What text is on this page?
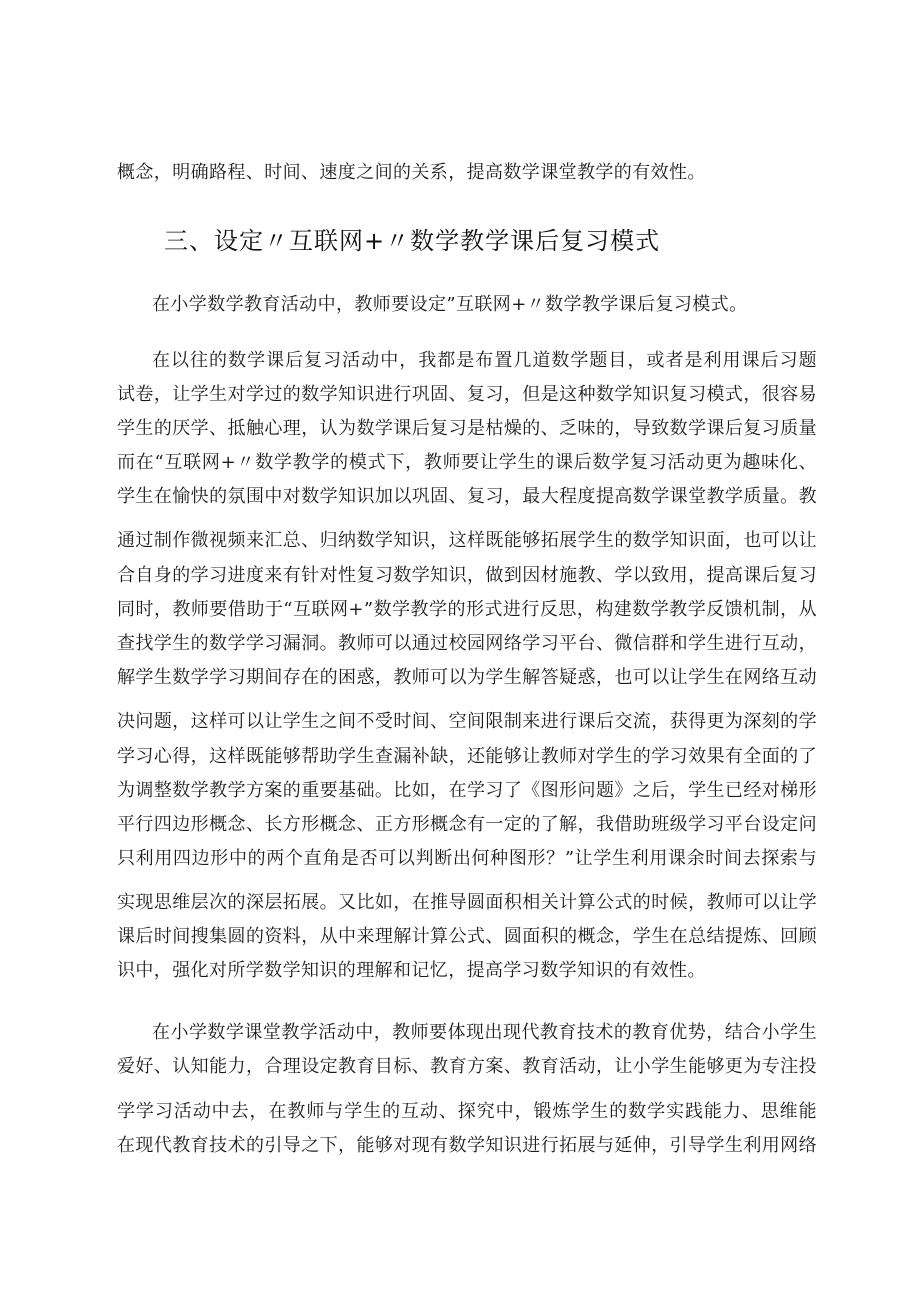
概念，明确路程、时间、速度之间的关系，提高数学课堂教学的有效性。
三、设定〃互联网+〃数学教学课后复习模式
在小学数学教育活动中，教师要设定”互联网+〃数学教学课后复习模式。
在以往的数学课后复习活动中，我都是布置几道数学题目，或者是利用课后习题
试卷，让学生对学过的数学知识进行巩固、复习，但是这种数学知识复习模式，很容易
学生的厌学、抵触心理，认为数学课后复习是枯燥的、乏味的，导致数学课后复习质量
而在“互联网+〃数学教学的模式下，教师要让学生的课后数学复习活动更为趣味化、
学生在愉快的氛围中对数学知识加以巩固、复习，最大程度提高数学课堂教学质量。教
通过制作微视频来汇总、归纳数学知识，这样既能够拓展学生的数学知识面，也可以让
合自身的学习进度来有针对性复习数学知识，做到因材施教、学以致用，提高课后复习
同时，教师要借助于“互联网+”数学教学的形式进行反思，构建数学教学反馈机制，从
查找学生的数学学习漏洞。教师可以通过校园网络学习平台、微信群和学生进行互动，
解学生数学学习期间存在的困惑，教师可以为学生解答疑惑，也可以让学生在网络互动
决问题，这样可以让学生之间不受时间、空间限制来进行课后交流，获得更为深刻的学
学习心得，这样既能够帮助学生查漏补缺，还能够让教师对学生的学习效果有全面的了
为调整数学教学方案的重要基础。比如，在学习了《图形问题》之后，学生已经对梯形
平行四边形概念、长方形概念、正方形概念有一定的了解，我借助班级学习平台设定问
只利用四边形中的两个直角是否可以判断出何种图形？”让学生利用课余时间去探索与
实现思维层次的深层拓展。又比如，在推导圆面积相关计算公式的时候，教师可以让学
课后时间搜集圆的资料，从中来理解计算公式、圆面积的概念，学生在总结提炼、回顾
识中，强化对所学数学知识的理解和记忆，提高学习数学知识的有效性。
在小学数学课堂教学活动中，教师要体现出现代教育技术的教育优势，结合小学生
爱好、认知能力，合理设定教育目标、教育方案、教育活动，让小学生能够更为专注投
学学习活动中去，在教师与学生的互动、探究中，锻炼学生的数学实践能力、思维能
在现代教育技术的引导之下，能够对现有数学知识进行拓展与延伸，引导学生利用网络
